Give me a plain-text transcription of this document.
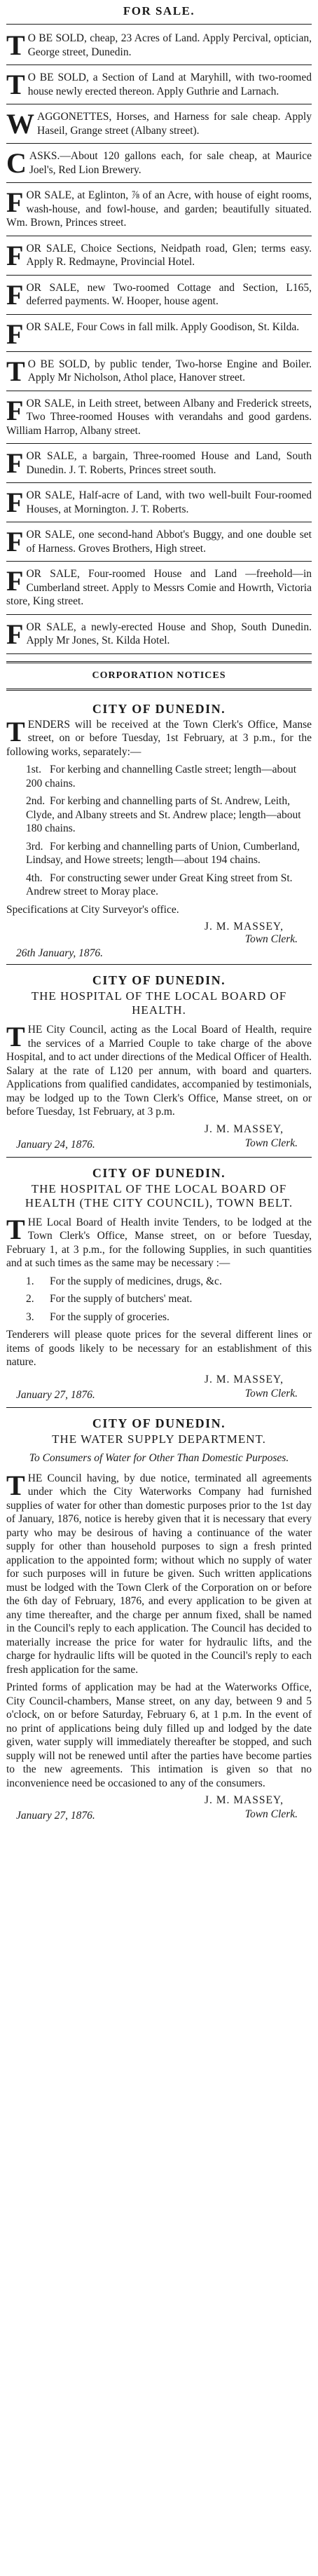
FOR SALE.
T O BE SOLD, cheap, 23 Acres of Land. Apply Percival, optician, George street, Dunedin.
T O BE SOLD, a Section of Land at Maryhill, with two-roomed house newly erected thereon. Apply Guthrie and Larnach.
WAGGONETTES, Horses, and Harness for sale cheap. Apply Haseil, Grange street (Albany street).
CASKS.—About 120 gallons each, for sale cheap, at Maurice Joel's, Red Lion Brewery.
FOR SALE, at Eglinton, ⅞ of an Acre, with house of eight rooms, wash-house, and fowl-house, and garden; beautifully situated. Wm. Brown, Princes street.
FOR SALE, Choice Sections, Neidpath road, Glen; terms easy. Apply R. Redmayne, Provincial Hotel.
FOR SALE, new Two-roomed Cottage and Section, L165, deferred payments. W. Hooper, house agent.
FOR SALE, Four Cows in fall milk. Apply Goodison, St. Kilda.
T O BE SOLD, by public tender, Two-horse Engine and Boiler. Apply Mr Nicholson, Athol place, Hanover street.
FOR SALE, in Leith street, between Albany and Frederick streets, Two Three-roomed Houses with verandahs and good gardens. William Harrop, Albany street.
FOR SALE, a bargain, Three-roomed House and Land, South Dunedin. J. T. Roberts, Princes street south.
FOR SALE, Half-acre of Land, with two well-built Four-roomed Houses, at Mornington. J. T. Roberts.
FOR SALE, one second-hand Abbot's Buggy, and one double set of Harness. Groves Brothers, High street.
FOR SALE, Four-roomed House and Land —freehold—in Cumberland street. Apply to Messrs Comie and Howrth, Victoria store, King street.
FOR SALE, a newly-erected House and Shop, South Dunedin. Apply Mr Jones, St. Kilda Hotel.
CORPORATION NOTICES
CITY OF DUNEDIN.
TENDERS will be received at the Town Clerk's Office, Manse street, on or before Tuesday, 1st February, at 3 p.m., for the following works, separately:—
1st. For kerbing and channelling Castle street; length—about 200 chains.
2nd. For kerbing and channelling parts of St. Andrew, Leith, Clyde, and Albany streets and St. Andrew place; length—about 180 chains.
3rd. For kerbing and channelling parts of Union, Cumberland, Lindsay, and Howe streets; length—about 194 chains.
4th. For constructing sewer under Great King street from St. Andrew street to Moray place.
Specifications at City Surveyor's office.
J. M. MASSEY,
Town Clerk.
26th January, 1876.
CITY OF DUNEDIN.
THE HOSPITAL OF THE LOCAL BOARD OF HEALTH.
THE City Council, acting as the Local Board of Health, require the services of a Married Couple to take charge of the above Hospital, and to act under directions of the Medical Officer of Health. Salary at the rate of L120 per annum, with board and quarters. Applications from qualified candidates, accompanied by testimonials, may be lodged up to the Town Clerk's Office, Manse street, on or before Tuesday, 1st February, at 3 p.m.
J. M. MASSEY,
January 24, 1876.	Town Clerk.
CITY OF DUNEDIN.
THE HOSPITAL OF THE LOCAL BOARD OF HEALTH (THE CITY COUNCIL), TOWN BELT.
THE Local Board of Health invite Tenders, to be lodged at the Town Clerk's Office, Manse street, on or before Tuesday, February 1, at 3 p.m., for the following Supplies, in such quantities and at such times as the same may be necessary :—
1. For the supply of medicines, drugs, &c.
2. For the supply of butchers' meat.
3. For the supply of groceries.
Tenderers will please quote prices for the several different lines or items of goods likely to be necessary for an establishment of this nature.
J. M. MASSEY,
January 27, 1876.	Town Clerk.
CITY OF DUNEDIN.
THE WATER SUPPLY DEPARTMENT.
To Consumers of Water for Other Than Domestic Purposes.
THE Council having, by due notice, terminated all agreements under which the City Waterworks Company had furnished supplies of water for other than domestic purposes prior to the 1st day of January, 1876, notice is hereby given that it is necessary that every party who may be desirous of having a continuance of the water supply for other than household purposes to sign a fresh printed application to the appointed form; without which no supply of water for such purposes will in future be given. Such written applications must be lodged with the Town Clerk of the Corporation on or before the 6th day of February, 1876, and every application to be given at any time thereafter, and the charge per annum fixed, shall be named in the Council's reply to each application. The Council has decided to materially increase the price for water for hydraulic lifts, and the charge for hydraulic lifts will be quoted in the Council's reply to each fresh application for the same.
Printed forms of application may be had at the Waterworks Office, City Council-chambers, Manse street, on any day, between 9 and 5 o'clock, on or before Saturday, February 6, at 1 p.m. In the event of no print of applications being duly filled up and lodged by the date given, water supply will immediately thereafter be stopped, and such supply will not be renewed until after the parties have become parties to the new agreements. This intimation is given so that no inconvenience need be occasioned to any of the consumers.
J. M. MASSEY,
January 27, 1876.	Town Clerk.
